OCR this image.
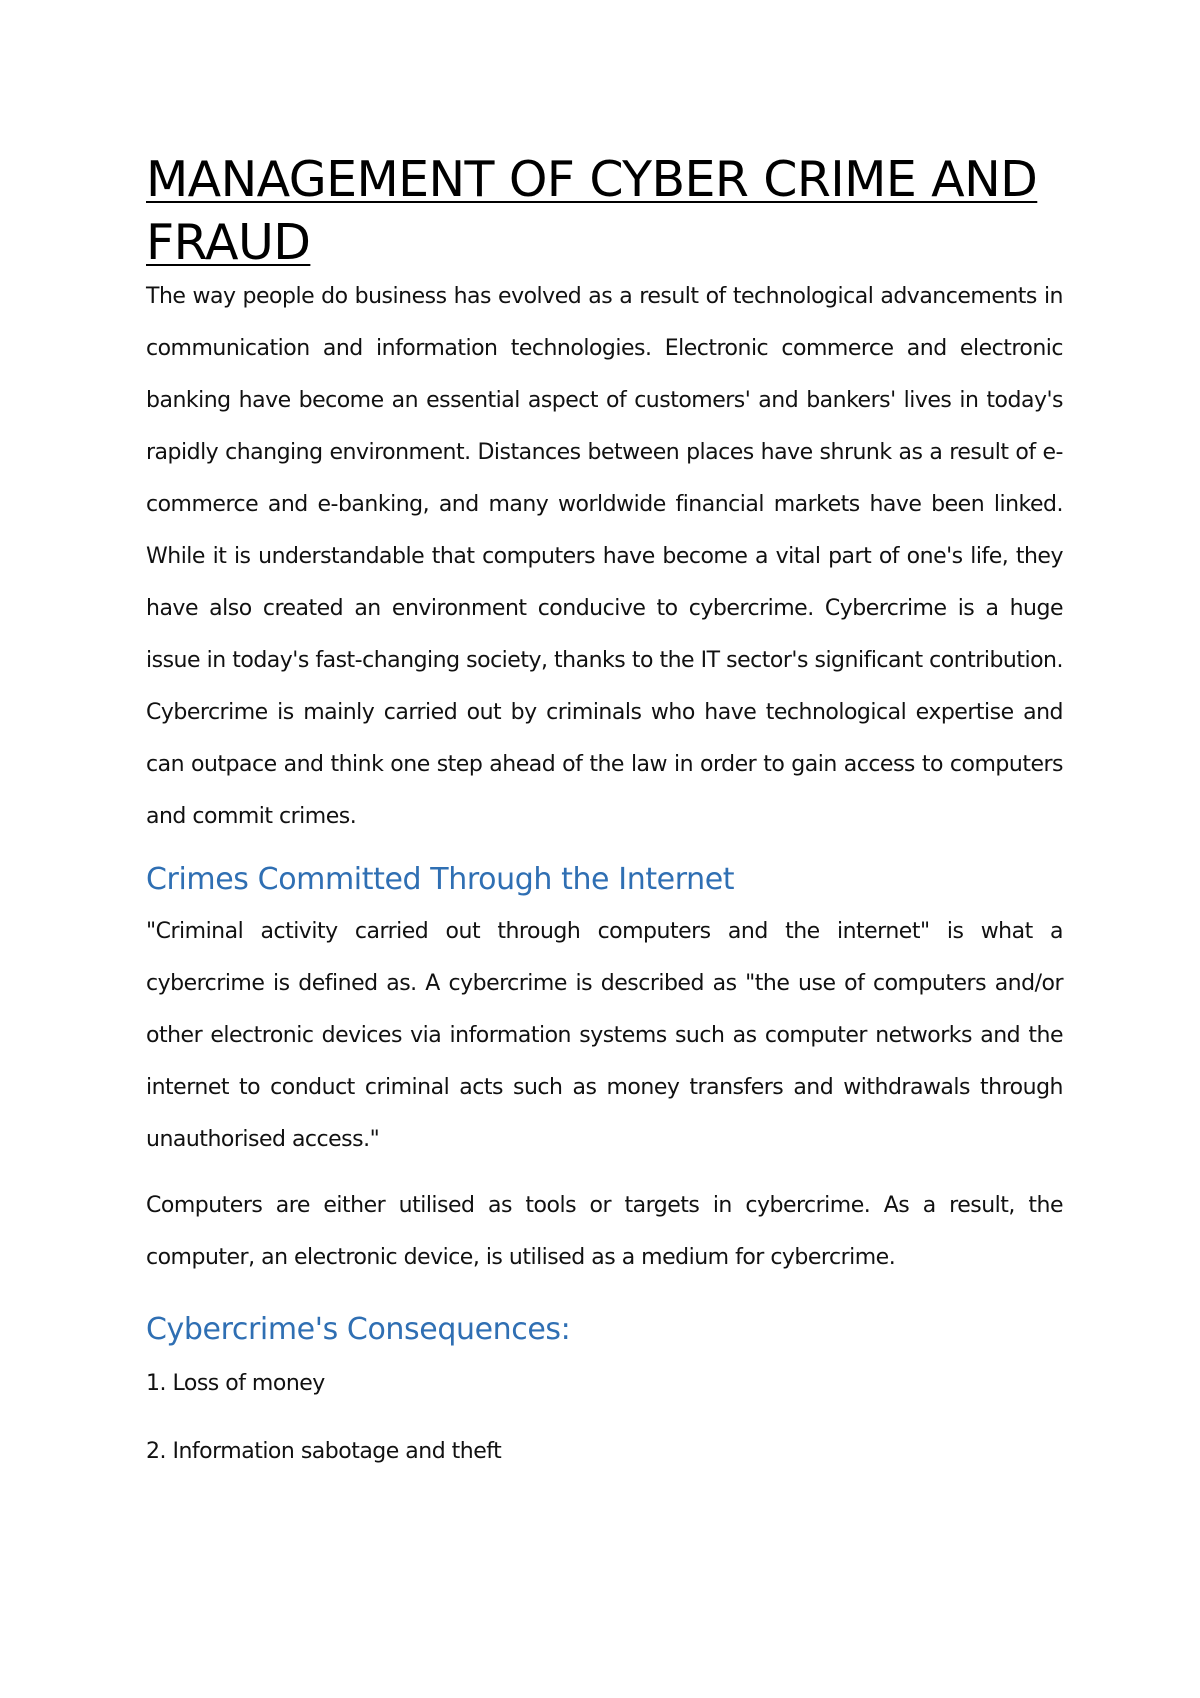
MANAGEMENT OF CYBER CRIME AND FRAUD

The way people do business has evolved as a result of technological advancements in communication and information technologies. Electronic commerce and electronic banking have become an essential aspect of customers' and bankers' lives in today's rapidly changing environment. Distances between places have shrunk as a result of e-commerce and e-banking, and many worldwide financial markets have been linked. While it is understandable that computers have become a vital part of one's life, they have also created an environment conducive to cybercrime. Cybercrime is a huge issue in today's fast-changing society, thanks to the IT sector's significant contribution. Cybercrime is mainly carried out by criminals who have technological expertise and can outpace and think one step ahead of the law in order to gain access to computers and commit crimes.

Crimes Committed Through the Internet

"Criminal activity carried out through computers and the internet" is what a cybercrime is defined as. A cybercrime is described as "the use of computers and/or other electronic devices via information systems such as computer networks and the internet to conduct criminal acts such as money transfers and withdrawals through unauthorised access."

Computers are either utilised as tools or targets in cybercrime. As a result, the computer, an electronic device, is utilised as a medium for cybercrime.

Cybercrime's Consequences:

1. Loss of money

2. Information sabotage and theft
